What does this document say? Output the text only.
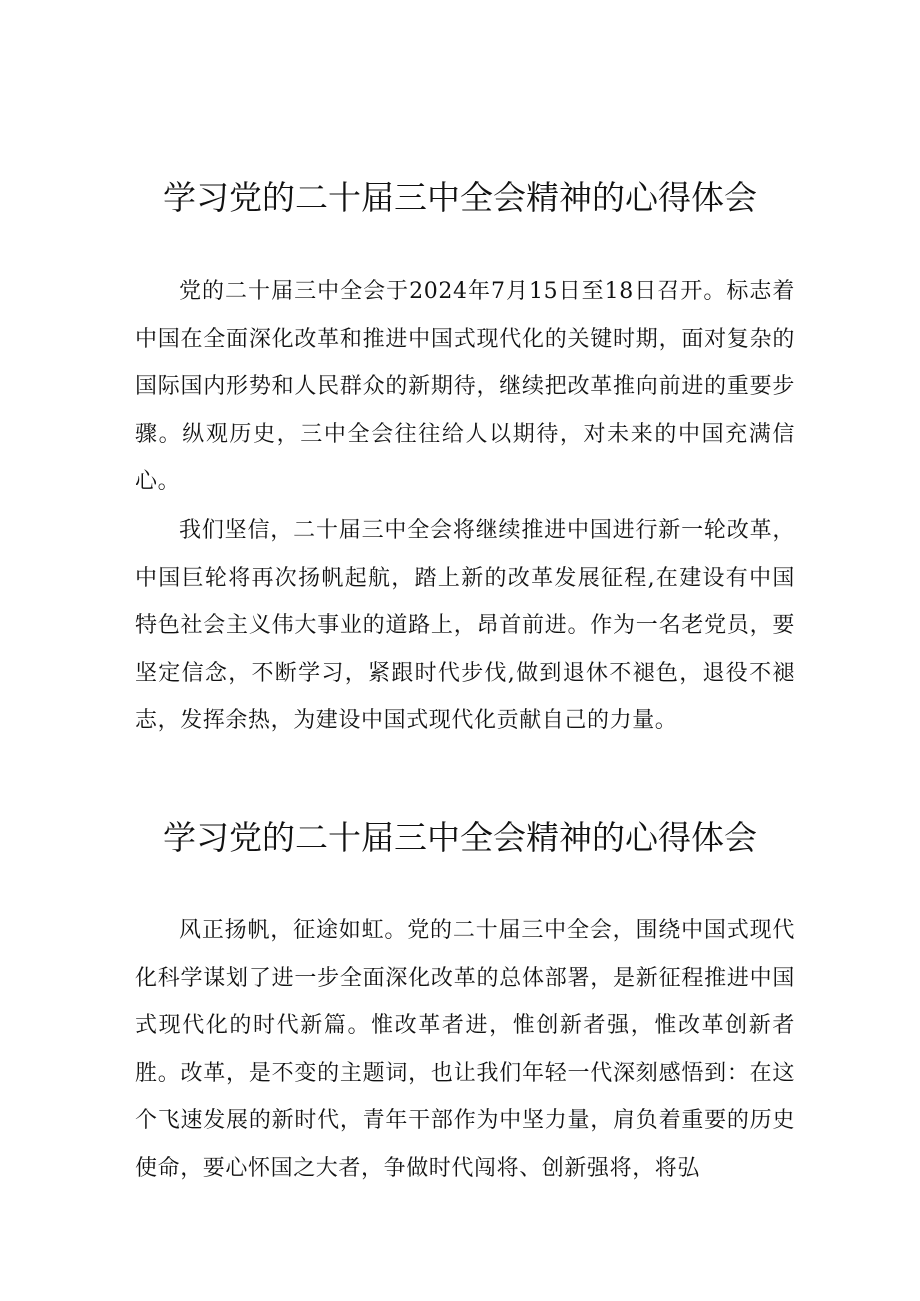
学习党的二十届三中全会精神的心得体会

党的二十届三中全会于2024年7月15日至18日召开。标志着中国在全面深化改革和推进中国式现代化的关键时期，面对复杂的国际国内形势和人民群众的新期待，继续把改革推向前进的重要步骤。纵观历史，三中全会往往给人以期待，对未来的中国充满信心。

我们坚信，二十届三中全会将继续推进中国进行新一轮改革，中国巨轮将再次扬帆起航，踏上新的改革发展征程,在建设有中国特色社会主义伟大事业的道路上，昂首前进。作为一名老党员，要坚定信念，不断学习，紧跟时代步伐,做到退休不褪色，退役不褪志，发挥余热，为建设中国式现代化贡献自己的力量。

学习党的二十届三中全会精神的心得体会

风正扬帆，征途如虹。党的二十届三中全会，围绕中国式现代化科学谋划了进一步全面深化改革的总体部署，是新征程推进中国式现代化的时代新篇。惟改革者进，惟创新者强，惟改革创新者胜。改革，是不变的主题词，也让我们年轻一代深刻感悟到：在这个飞速发展的新时代，青年干部作为中坚力量，肩负着重要的历史使命，要心怀国之大者，争做时代闯将、创新强将，将弘
